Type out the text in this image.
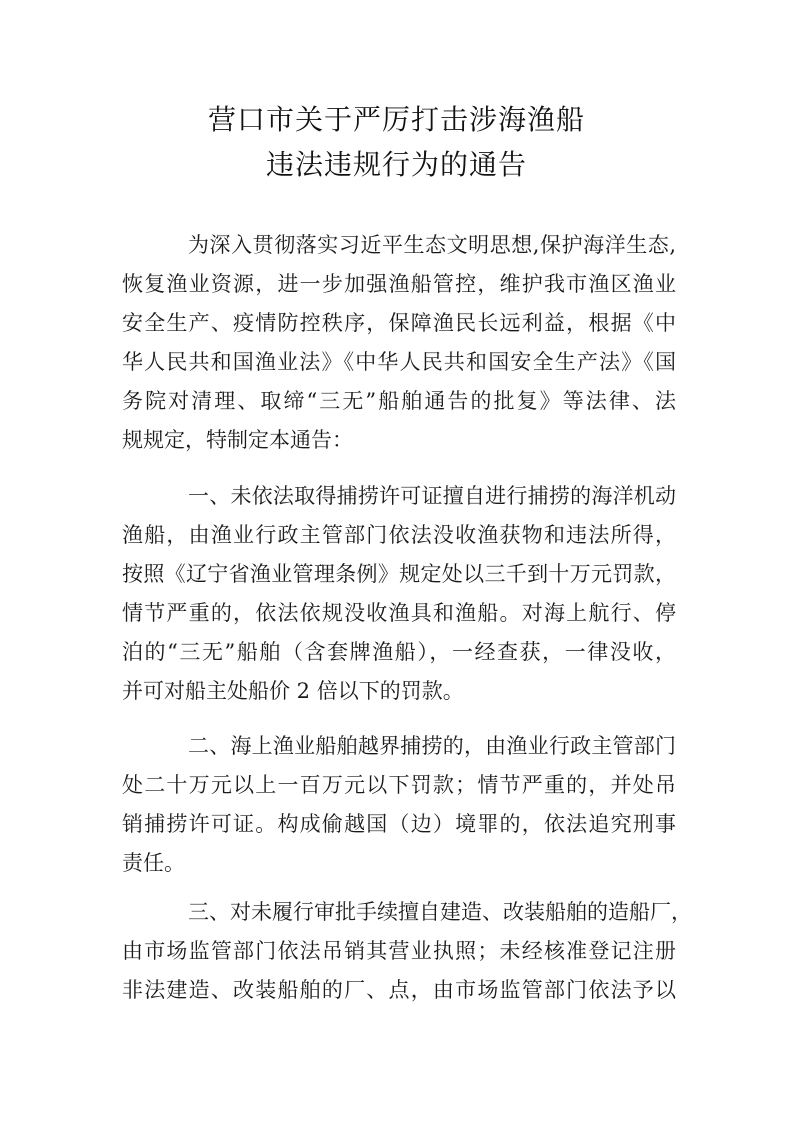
营口市关于严厉打击涉海渔船
违法违规行为的通告
为深入贯彻落实习近平生态文明思想,保护海洋生态,
恢复渔业资源，进一步加强渔船管控，维护我市渔区渔业
安全生产、疫情防控秩序，保障渔民长远利益，根据《中
华人民共和国渔业法》《中华人民共和国安全生产法》《国
务院对清理、取缔“三无”船舶通告的批复》等法律、法
规规定，特制定本通告：
一、未依法取得捕捞许可证擅自进行捕捞的海洋机动
渔船，由渔业行政主管部门依法没收渔获物和违法所得，
按照《辽宁省渔业管理条例》规定处以三千到十万元罚款，
情节严重的，依法依规没收渔具和渔船。对海上航行、停
泊的“三无”船舶（含套牌渔船），一经查获，一律没收，
并可对船主处船价 2 倍以下的罚款。
二、海上渔业船舶越界捕捞的，由渔业行政主管部门
处二十万元以上一百万元以下罚款；情节严重的，并处吊
销捕捞许可证。构成偷越国（边）境罪的，依法追究刑事
责任。
三、对未履行审批手续擅自建造、改装船舶的造船厂，
由市场监管部门依法吊销其营业执照；未经核准登记注册
非法建造、改装船舶的厂、点，由市场监管部门依法予以
